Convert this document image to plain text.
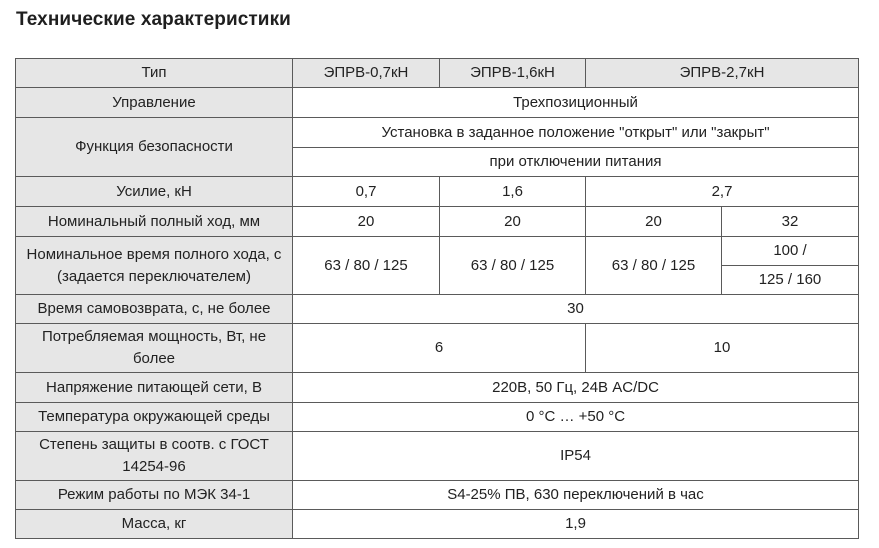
Технические характеристики
Тип	ЭПРВ-0,7кН	ЭПРВ-1,6кН	ЭПРВ-2,7кН	
Управление	Трехпозиционный			
Функция безопасности	Установка в заданное положение "открыт" или "закрыт"			
	при отключении питания			
Усилие, кН	0,7	1,6	2,7	
Номинальный полный ход, мм	20	20	20	32
Номинальное время полного хода, с (задается переключателем)	63 / 80 / 125	63 / 80 / 125	63 / 80 / 125	100 /
				125 / 160
Время самовозврата, с, не более	30			
Потребляемая мощность, Вт, не более	6		10	
Напряжение питающей сети, В	220В, 50 Гц, 24В AC/DC			
Температура окружающей среды	0 °C … +50 °C			
Степень защиты в соотв. с ГОСТ 14254-96	IP54			
Режим работы по МЭК 34-1	S4-25% ПВ, 630 переключений в час			
Масса, кг	1,9			
